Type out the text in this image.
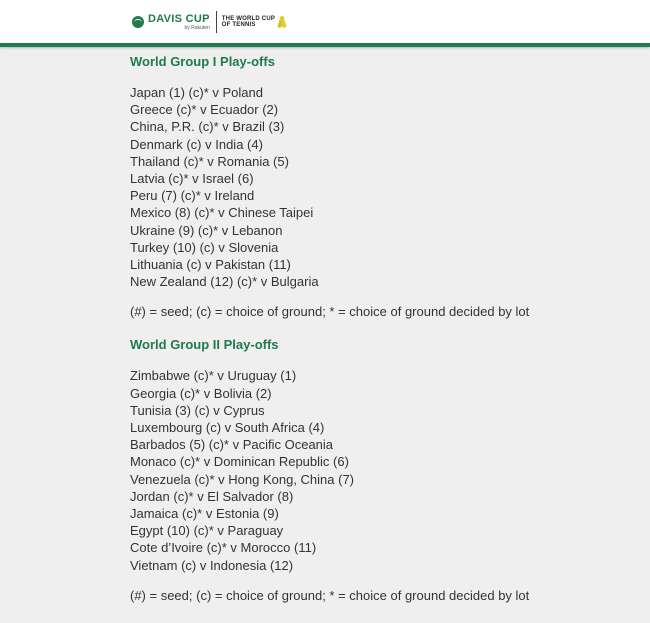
DAVIS CUP
by Rakuten
THE WORLD CUP
OF TENNIS
World Group I Play-offs
Japan (1) (c)* v Poland
Greece (c)* v Ecuador (2)
China, P.R. (c)* v Brazil (3)
Denmark (c) v India (4)
Thailand (c)* v Romania (5)
Latvia (c)* v Israel (6)
Peru (7) (c)* v Ireland
Mexico (8) (c)* v Chinese Taipei
Ukraine (9) (c)* v Lebanon
Turkey (10) (c) v Slovenia
Lithuania (c) v Pakistan (11)
New Zealand (12) (c)* v Bulgaria
(#) = seed; (c) = choice of ground; * = choice of ground decided by lot
World Group II Play-offs
Zimbabwe (c)* v Uruguay (1)
Georgia (c)* v Bolivia (2)
Tunisia (3) (c) v Cyprus
Luxembourg (c) v South Africa (4)
Barbados (5) (c)* v Pacific Oceania
Monaco (c)* v Dominican Republic (6)
Venezuela (c)* v Hong Kong, China (7)
Jordan (c)* v El Salvador (8)
Jamaica (c)* v Estonia (9)
Egypt (10) (c)* v Paraguay
Cote d’Ivoire (c)* v Morocco (11)
Vietnam (c) v Indonesia (12)
(#) = seed; (c) = choice of ground; * = choice of ground decided by lot
